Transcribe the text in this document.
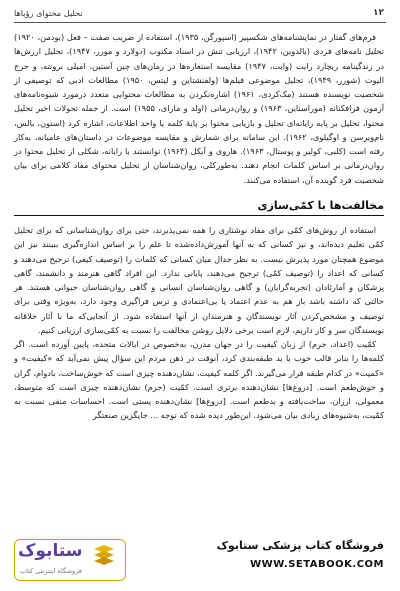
تحلیل محتوای رؤیاها	۱۲

فرم‌های گفتار در نمایشنامه‌های شکسپیر (اسپورگن، ۱۹۳۵)، استفاده از ضریب صفت – فعل (بودمن، ۱۹۲۰) تحلیل نامه‌های فردی (بالدوین، ۱۹۴۲)، ارزیابی تنش در اسناد مکتوب (دولارد و مورر، ۱۹۴۷)، تحلیل ارزش‌ها در زندگینامه ریچارد رایت (وایت، ۱۹۴۷) مقایسه استعاره‌ها در رمان‌های چین آستین، امیلی برونته، و جرج الیوت (شورر، ۱۹۴۹)، تحلیل موضوعی فیلم‌ها (ولفنشتاین و لیتس، ۱۹۵۰) مطالعات ادبی که توصیفی از شخصیت نویسنده هستند (مک‌کردی، ۱۹۶۱) اشاره‌نکردن به مطالعات محتوایی متعدد درمورد شیوه‌نامه‌های آزمون فرافکنانه (موراستاین، ۱۹۶۳) و روان‌درمانی (اولد و مارای، ۱۹۵۵) است. از جمله تحولات اخیر تحلیل محتوا، تحلیل بر پایه رایانه‌ای تحلیل و بازیابی محتوا بر پایهٔ کلمه یا واحد اطلاعات، اشاره کرد (استون، بالس، نام‌ویرسن و اوگیلوی، ۱۹۶۲). این سامانه برای شمارش و مقایسه موضوعات در داستان‌های عامیانه، به‌کار رفته است (کلبی، کولیر و پوستال، ۱۹۶۳). هاروی و آیکل (۱۹۶۴) توانستند با رایانه، شکلی از تحلیل محتوا در روان‌درمانی بر اساس کلمات انجام دهند. به‌طورکلی، روان‌شناسان از تحلیل محتوای مفاد کلامی برای بیان شخصیت فرد گوینده آن، استفاده می‌کنند.

مخالفت‌ها با کمّی‌سازی

استفاده از روش‌های کمّی برای مفاد نوشتاری را همه نمی‌پذیرند، حتی برای روان‌شناسانی که برای تحلیل کمّی تعلیم دیده‌اند، و نیز کسانی که به آنها آموزش‌داده‌شده تا علم را بر اساس اندازه‌گیری ببینند نیز این موضوع همچنان مورد پذیرش نیست. به نظر جدال میان کسانی که کلمات را (توصیف کیفی) ترجیح می‌دهند و کسانی که اعداد را (توصیف کمّی) ترجیح می‌دهند، پایانی ندارد. این افراد گاهی هنرمند و دانشمند، گاهی پزشکان و آمارئادان (تجربه‌گرایان) و گاهی روان‌شناسان انسانی و گاهی روان‌شناسان حیوانی هستند. هر حالتی که داشته باشد باز هم به عدم اعتماد یا بی‌اعتمادی و ترس فراگیری وجود دارد، به‌ویژه وقتی برای توصیف و مشخص‌کردن آثار نویسندگان و هنرمندان از آنها استفاده شود. از آنجایی‌که ما با آثار خلاقانه نویسندگان سر و کار داریم، لازم است برخی دلایل روشن مخالفت را نسبت به کمّی‌سازی ارزیابی کنیم.

کمّیت (اعداد، جرم) از زبان کیفیت را در جهان مدرن، به‌خصوص در ایالات متحده، پایین آورده است. اگر کلمه‌ها را بنابر قالب خوب یا بد طبقه‌بندی کرد، آنوقت در ذهن مردم این سؤال پیش نمی‌آید که «کیفیت» و «کمیت» در کدام طبقه قرار می‌گیرند. اگر کلمه کیفیت، نشان‌دهنده چیزی است که خوش‌ساخت، بادوام، گران و خوش‌طعم است. [دروغ‌ها] نشان‌دهنده برتری است. کمّیت (جرم) نشان‌دهنده چیزی است که متوسط، معمولی، ارزان، ساخت‌یافته و بدطعم است. [دروغ‌ها] نشان‌دهنده پستی است. احساسات منفی نسبت به کمّیت، به‌شیوه‌های زیادی بیان می‌شود. این‌طور دیده شده که توجه ... جایگزین صنعتگر

ستابوک
فروشگاه اینترنتی کتاب
فروشگاه کتاب پزشکی ستابوک
WWW.SETABOOK.COM
